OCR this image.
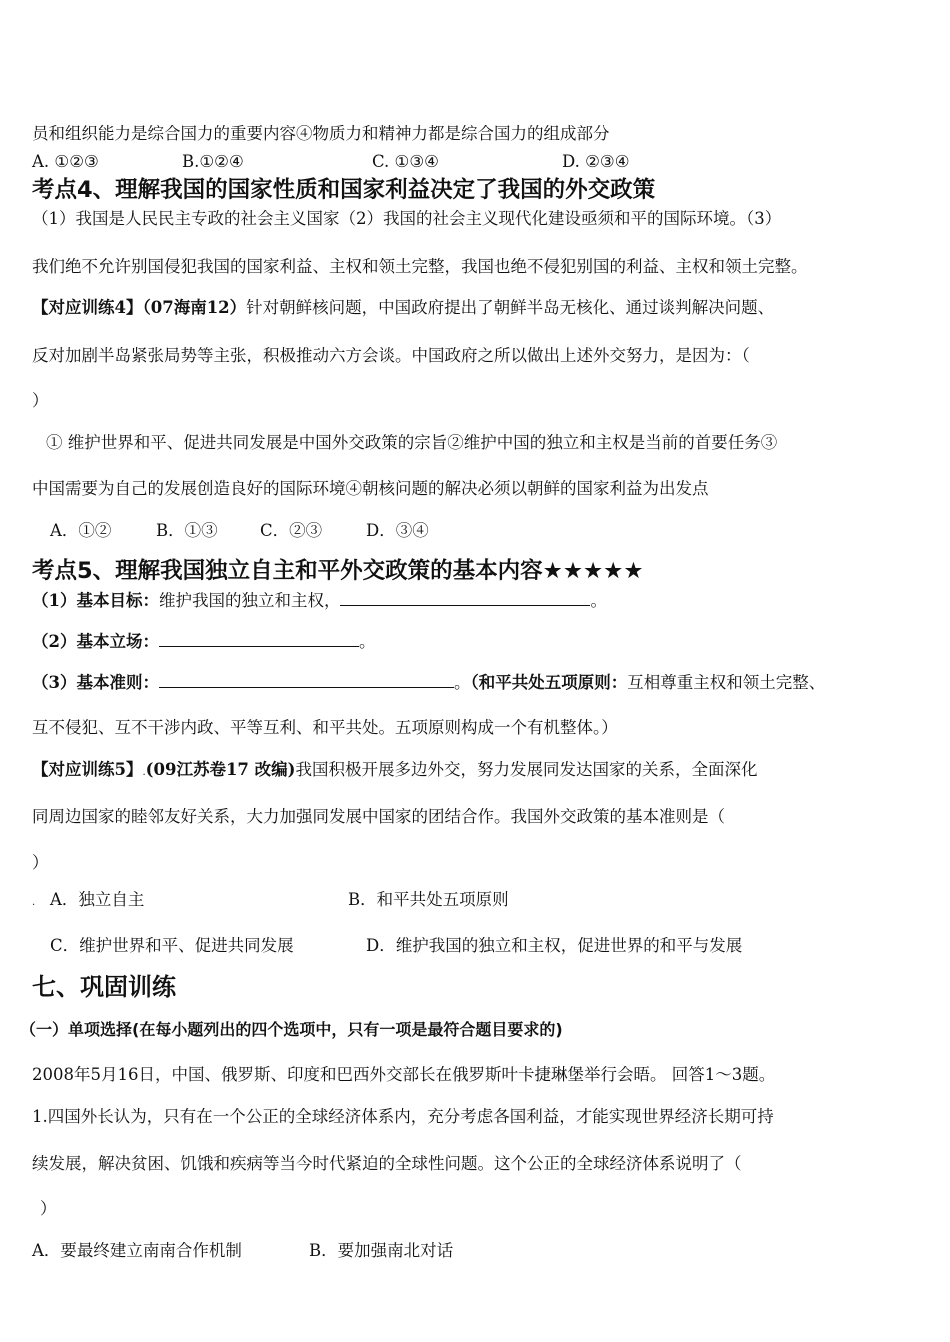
员和组织能力是综合国力的重要内容④物质力和精神力都是综合国力的组成部分
A. ①②③	B.①②④	C. ①③④	D. ②③④
考点4、理解我国的国家性质和国家利益决定了我国的外交政策
（1）我国是人民民主专政的社会主义国家（2）我国的社会主义现代化建设亟须和平的国际环境。（3）
我们绝不允许别国侵犯我国的国家利益、主权和领土完整，我国也绝不侵犯别国的利益、主权和领土完整。
【对应训练4】（07海南12）针对朝鲜核问题，中国政府提出了朝鲜半岛无核化、通过谈判解决问题、
反对加剧半岛紧张局势等主张，积极推动六方会谈。中国政府之所以做出上述外交努力，是因为：（
）
① 维护世界和平、促进共同发展是中国外交政策的宗旨②维护中国的独立和主权是当前的首要任务③
中国需要为自己的发展创造良好的国际环境④朝核问题的解决必须以朝鲜的国家利益为出发点
A．①②	B．①③	C．②③	D．③④
考点5、理解我国独立自主和平外交政策的基本内容★★★★★
（1）基本目标：维护我国的独立和主权，	。
（2）基本立场：	。
（3）基本准则：	。（和平共处五项原则：互相尊重主权和领土完整、
互不侵犯、互不干涉内政、平等互利、和平共处。五项原则构成一个有机整体。）
【对应训练5】.(09江苏卷17 改编)我国积极开展多边外交，努力发展同发达国家的关系，全面深化
同周边国家的睦邻友好关系，大力加强同发展中国家的团结合作。我国外交政策的基本准则是（
）
. A．独立自主	B．和平共处五项原则
C．维护世界和平、促进共同发展	D．维护我国的独立和主权，促进世界的和平与发展
七、巩固训练
（一）单项选择(在每小题列出的四个选项中，只有一项是最符合题目要求的)
2008年5月16日，中国、俄罗斯、印度和巴西外交部长在俄罗斯叶卡捷琳堡举行会晤。 回答1～3题。
1.四国外长认为，只有在一个公正的全球经济体系内，充分考虑各国利益，才能实现世界经济长期可持
续发展，解决贫困、饥饿和疾病等当今时代紧迫的全球性问题。这个公正的全球经济体系说明了（
）
A．要最终建立南南合作机制	B．要加强南北对话
